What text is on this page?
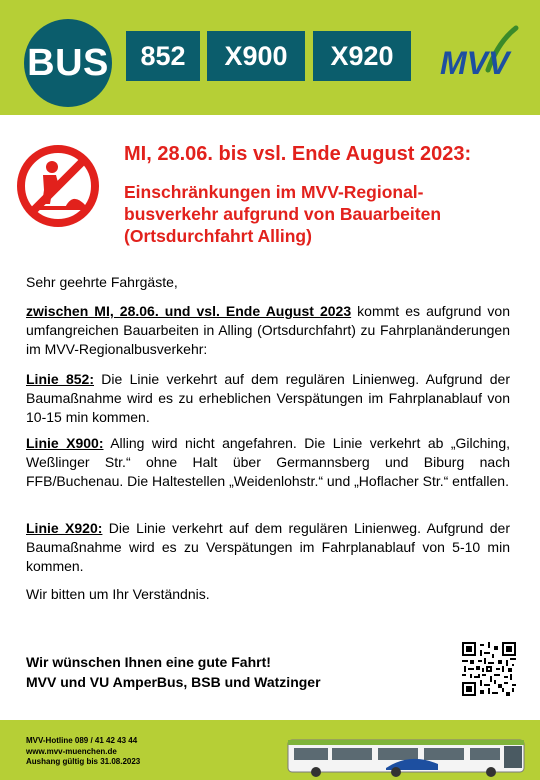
BUS	852	X900	X920	MVV
MI, 28.06. bis vsl. Ende August 2023:
Einschränkungen im MVV-Regional-
busverkehr aufgrund von Bauarbeiten
(Ortsdurchfahrt Alling)
Sehr geehrte Fahrgäste,
zwischen MI, 28.06. und vsl. Ende August 2023 kommt es aufgrund von umfangreichen Bauarbeiten in Alling (Ortsdurchfahrt) zu Fahrplanänderungen im MVV-Regionalbusverkehr:
Linie 852: Die Linie verkehrt auf dem regulären Linienweg. Aufgrund der Baumaßnahme wird es zu erheblichen Verspätungen im Fahrplanablauf von 10-15 min kommen.
Linie X900: Alling wird nicht angefahren. Die Linie verkehrt ab „Gilching, Weßlinger Str.“ ohne Halt über Germannsberg und Biburg nach FFB/Buchenau. Die Haltestellen „Weidenlohstr.“ und „Hoflacher Str.“ entfallen.
Linie X920: Die Linie verkehrt auf dem regulären Linienweg. Aufgrund der Baumaßnahme wird es zu Verspätungen im Fahrplanablauf von 5-10 min kommen.
Wir bitten um Ihr Verständnis.
Wir wünschen Ihnen eine gute Fahrt!
MVV und VU AmperBus, BSB und Watzinger
MVV-Hotline 089 / 41 42 43 44
www.mvv-muenchen.de
Aushang gültig bis 31.08.2023
